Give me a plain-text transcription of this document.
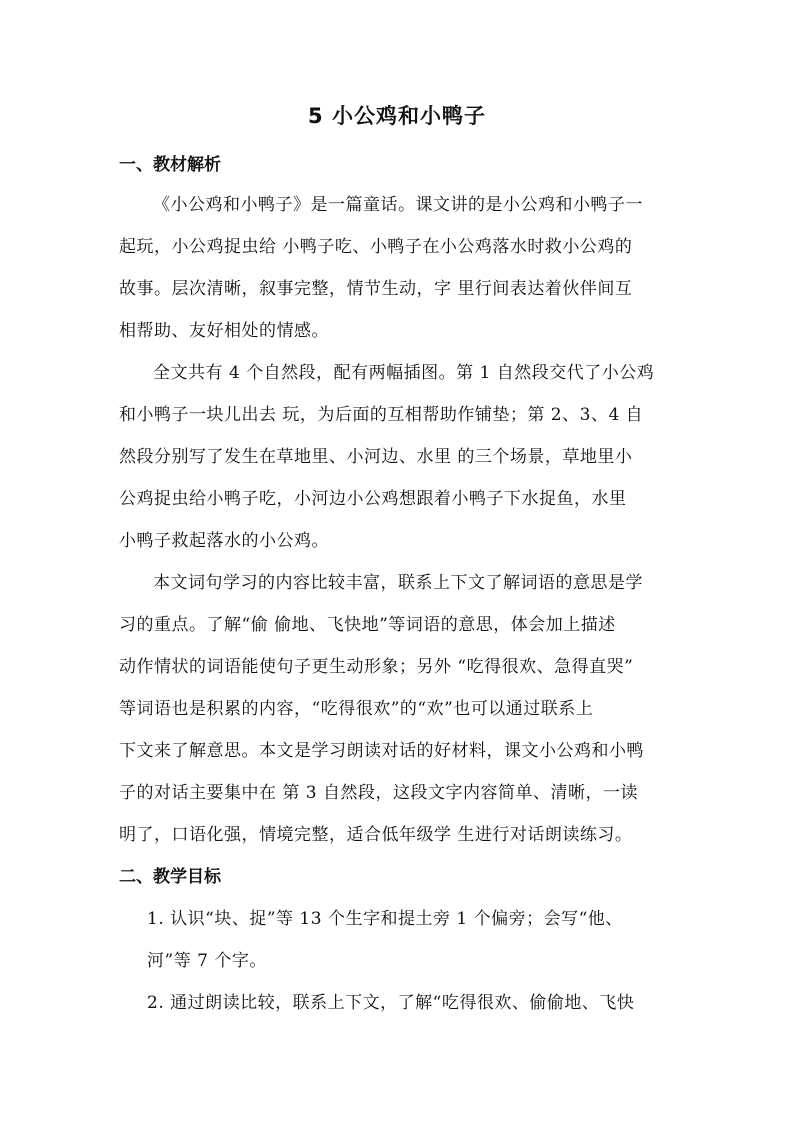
5 小公鸡和小鸭子
一、教材解析
《小公鸡和小鸭子》是一篇童话。课文讲的是小公鸡和小鸭子一
起玩，小公鸡捉虫给 小鸭子吃、小鸭子在小公鸡落水时救小公鸡的
故事。层次清晰，叙事完整，情节生动，字 里行间表达着伙伴间互
相帮助、友好相处的情感。
全文共有 4 个自然段，配有两幅插图。第 1 自然段交代了小公鸡
和小鸭子一块儿出去 玩，为后面的互相帮助作铺垫；第 2、3、4 自
然段分别写了发生在草地里、小河边、水里 的三个场景，草地里小
公鸡捉虫给小鸭子吃，小河边小公鸡想跟着小鸭子下水捉鱼，水里
小鸭子救起落水的小公鸡。
本文词句学习的内容比较丰富，联系上下文了解词语的意思是学
习的重点。了解“偷 偷地、飞快地”等词语的意思，体会加上描述
动作情状的词语能使句子更生动形象；另外 “吃得很欢、急得直哭”
等词语也是积累的内容，“吃得很欢”的“欢”也可以通过联系上
下文来了解意思。本文是学习朗读对话的好材料，课文小公鸡和小鸭
子的对话主要集中在 第 3 自然段，这段文字内容简单、清晰，一读
明了，口语化强，情境完整，适合低年级学 生进行对话朗读练习。
二、教学目标
1. 认识“块、捉”等 13 个生字和提土旁 1 个偏旁；会写“他、
河”等 7 个字。
2. 通过朗读比较，联系上下文，了解“吃得很欢、偷偷地、飞快
